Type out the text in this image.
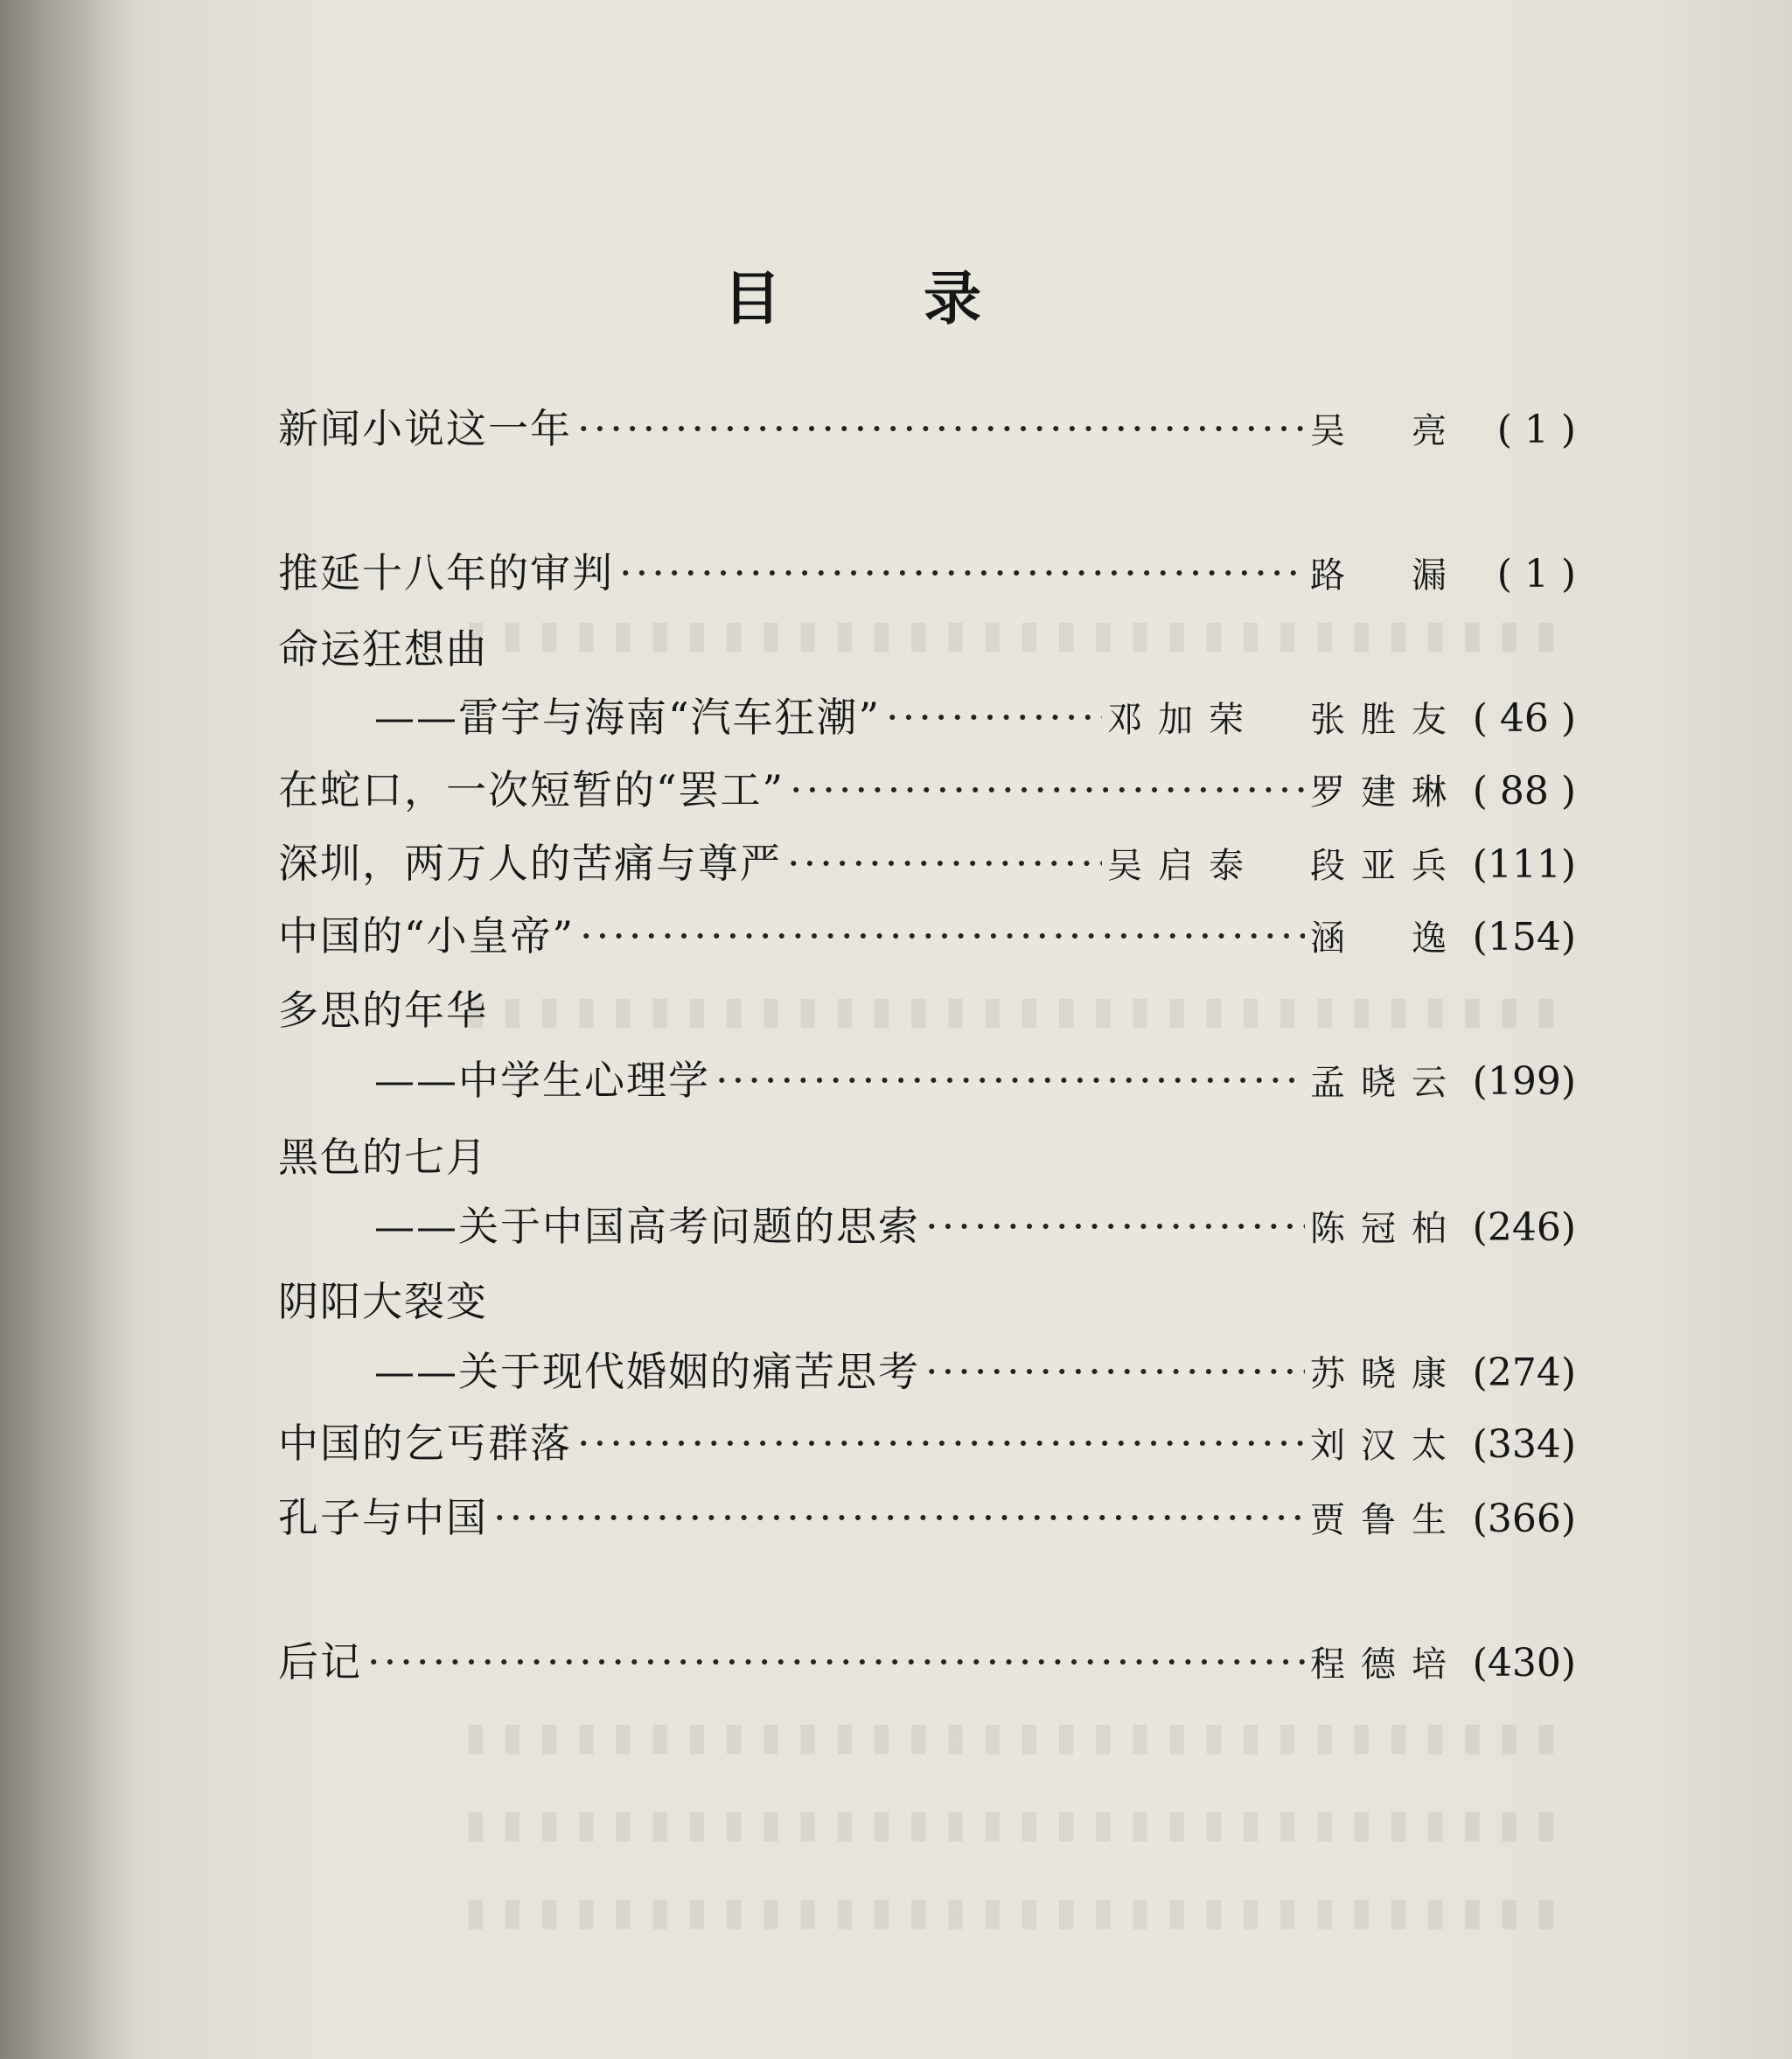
▮▮▮▮▮▮▮▮▮▮▮▮▮▮▮▮▮▮▮▮▮▮▮▮▮▮▮▮▮▮
▮▮▮▮▮▮▮▮▮▮▮▮▮▮▮▮▮▮▮▮▮▮▮▮▮▮▮▮▮▮
▮▮▮▮▮▮▮▮▮▮▮▮▮▮▮▮▮▮▮▮▮▮▮▮▮▮▮▮▮▮
▮▮▮▮▮▮▮▮▮▮▮▮▮▮▮▮▮▮▮▮▮▮▮▮▮▮▮▮▮▮
▮▮▮▮▮▮▮▮▮▮▮▮▮▮▮▮▮▮▮▮▮▮▮▮▮▮▮▮▮▮
目 录
新闻小说这一年 ·····	吴　亮 ( 1 )
推延十八年的审判 ·····	路　漏 ( 1 )
命运狂想曲
——雷宇与海南“汽车狂潮” ·····	邓加荣　张胜友 ( 46 )
在蛇口，一次短暂的“罢工” ·····	罗建琳 ( 88 )
深圳，两万人的苦痛与尊严 ·····	吴启泰　段亚兵 (111)
中国的“小皇帝” ·····	涵　逸 (154)
多思的年华
——中学生心理学 ·····	孟晓云 (199)
黑色的七月
——关于中国高考问题的思索 ·····	陈冠柏 (246)
阴阳大裂变
——关于现代婚姻的痛苦思考 ·····	苏晓康 (274)
中国的乞丐群落 ·····	刘汉太 (334)
孔子与中国 ·····	贾鲁生 (366)
后记 ·····	程德培 (430)
